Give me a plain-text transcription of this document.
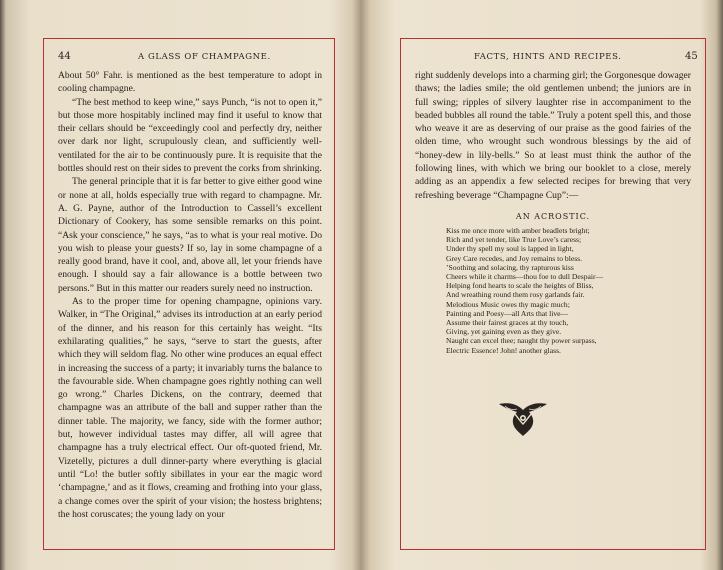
44	A GLASS OF CHAMPAGNE.

About 50° Fahr. is mentioned as the best temperature to adopt in cooling champagne.

“The best method to keep wine,” says Punch, “is not to open it,” but those more hospitably inclined may find it useful to know that their cellars should be “exceedingly cool and perfectly dry, neither over dark nor light, scrupulously clean, and sufficiently well-ventilated for the air to be continuously pure. It is requisite that the bottles should rest on their sides to prevent the corks from shrinking.

The general principle that it is far better to give either good wine or none at all, holds especially true with regard to champagne. Mr. A. G. Payne, author of the Introduction to Cassell’s excellent Dictionary of Cookery, has some sensible remarks on this point. “Ask your conscience,” he says, “as to what is your real motive. Do you wish to please your guests? If so, lay in some champagne of a really good brand, have it cool, and, above all, let your friends have enough. I should say a fair allowance is a bottle between two persons.” But in this matter our readers surely need no instruction.

As to the proper time for opening champagne, opinions vary. Walker, in “The Original,” advises its introduction at an early period of the dinner, and his reason for this certainly has weight. “Its exhilarating qualities,” he says, “serve to start the guests, after which they will seldom flag. No other wine produces an equal effect in increasing the success of a party; it invariably turns the balance to the favourable side. When champagne goes rightly nothing can well go wrong.” Charles Dickens, on the contrary, deemed that champagne was an attribute of the ball and supper rather than the dinner table. The majority, we fancy, side with the former author; but, however individual tastes may differ, all will agree that champagne has a truly electrical effect. Our oft-quoted friend, Mr. Vizetelly, pictures a dull dinner-party where everything is glacial until “Lo! the butler softly sibillates in your ear the magic word ‘champagne,’ and as it flows, creaming and frothing into your glass, a change comes over the spirit of your vision; the hostess brightens; the host coruscates; the young lady on your

FACTS, HINTS AND RECIPES.	45

right suddenly develops into a charming girl; the Gorgonesque dowager thaws; the ladies smile; the old gentlemen unbend; the juniors are in full swing; ripples of silvery laughter rise in accompaniment to the beaded bubbles all round the table.” Truly a potent spell this, and those who weave it are as deserving of our praise as the good fairies of the olden time, who wrought such wondrous blessings by the aid of “honey-dew in lily-bells.” So at least must think the author of the following lines, with which we bring our booklet to a close, merely adding as an appendix a few selected recipes for brewing that very refreshing beverage “Champagne Cup”:—

AN ACROSTIC.
Kiss me once more with amber beadlets bright;
Rich and yet tender, like True Love’s caress;
Under thy spell my soul is lapped in light,
Grey Care recedes, and Joy remains to bless.
’Soothing and solacing, thy rapturous kiss
Cheers while it charms—thou foe to dull Despair—
Helping fond hearts to scale the heights of Bliss,
And wreathing round them rosy garlands fair.
Melodious Music owes thy magic much;
Painting and Poesy—all Arts that live—
Assume their fairest graces at thy touch,
Giving, yet gaining even as they give.
Naught can excel thee; naught thy power surpass,
Electric Essence! John! another glass.
